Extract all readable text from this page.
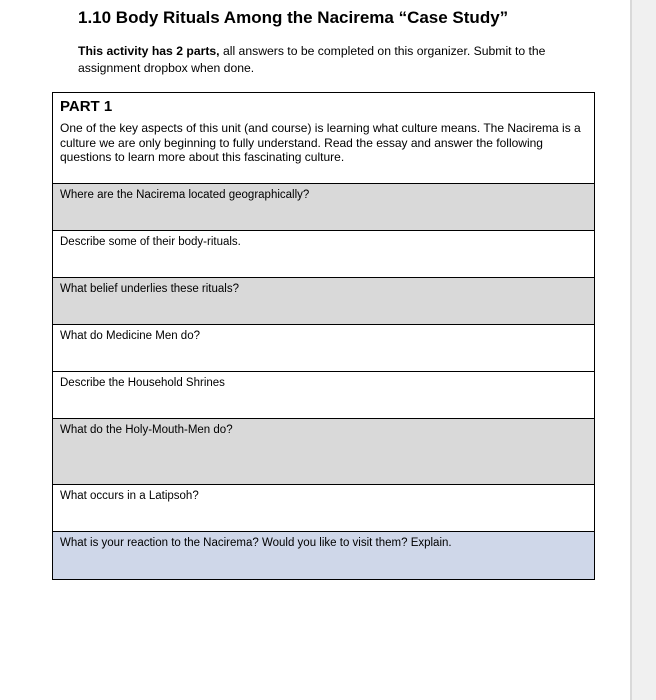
1.10 Body Rituals Among the Nacirema “Case Study”
This activity has 2 parts, all answers to be completed on this organizer. Submit to the assignment dropbox when done.
PART 1
One of the key aspects of this unit (and course) is learning what culture means. The Nacirema is a culture we are only beginning to fully understand. Read the essay and answer the following questions to learn more about this fascinating culture.
Where are the Nacirema located geographically?
Describe some of their body-rituals.
What belief underlies these rituals?
What do Medicine Men do?
Describe the Household Shrines
What do the Holy-Mouth-Men do?
What occurs in a Latipsoh?
What is your reaction to the Nacirema? Would you like to visit them? Explain.
